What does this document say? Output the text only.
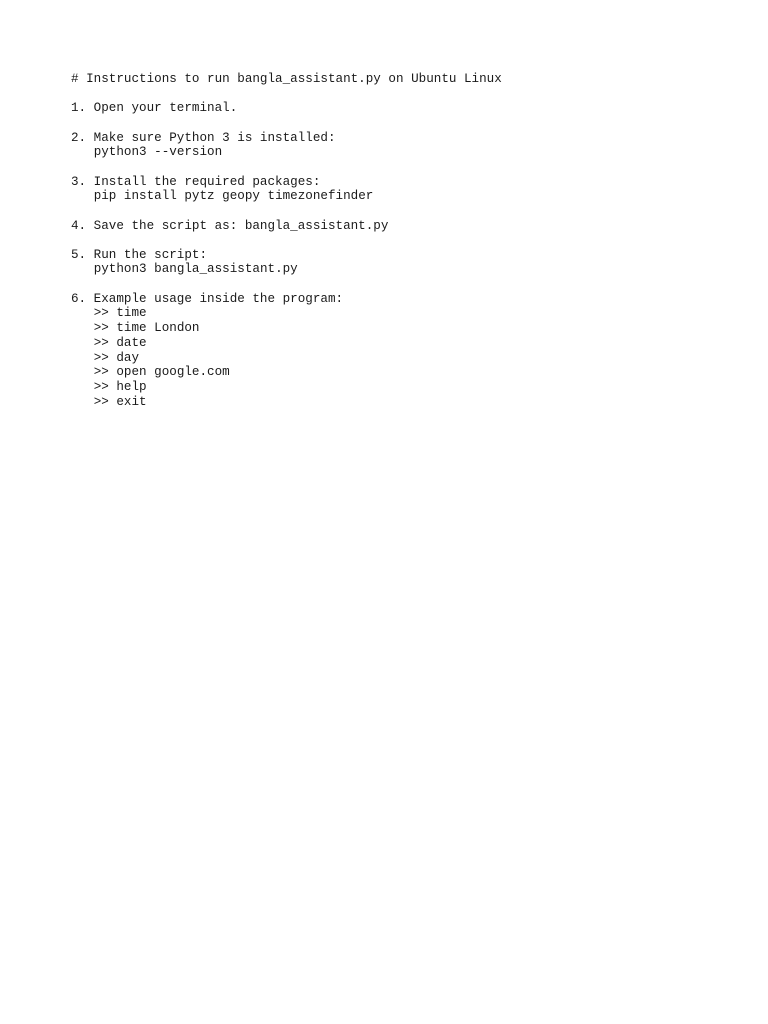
# Instructions to run bangla_assistant.py on Ubuntu Linux
1. Open your terminal.
2. Make sure Python 3 is installed:
python3 --version
3. Install the required packages:
pip install pytz geopy timezonefinder
4. Save the script as: bangla_assistant.py
5. Run the script:
python3 bangla_assistant.py
6. Example usage inside the program:
>> time
>> time London
>> date
>> day
>> open google.com
>> help
>> exit
